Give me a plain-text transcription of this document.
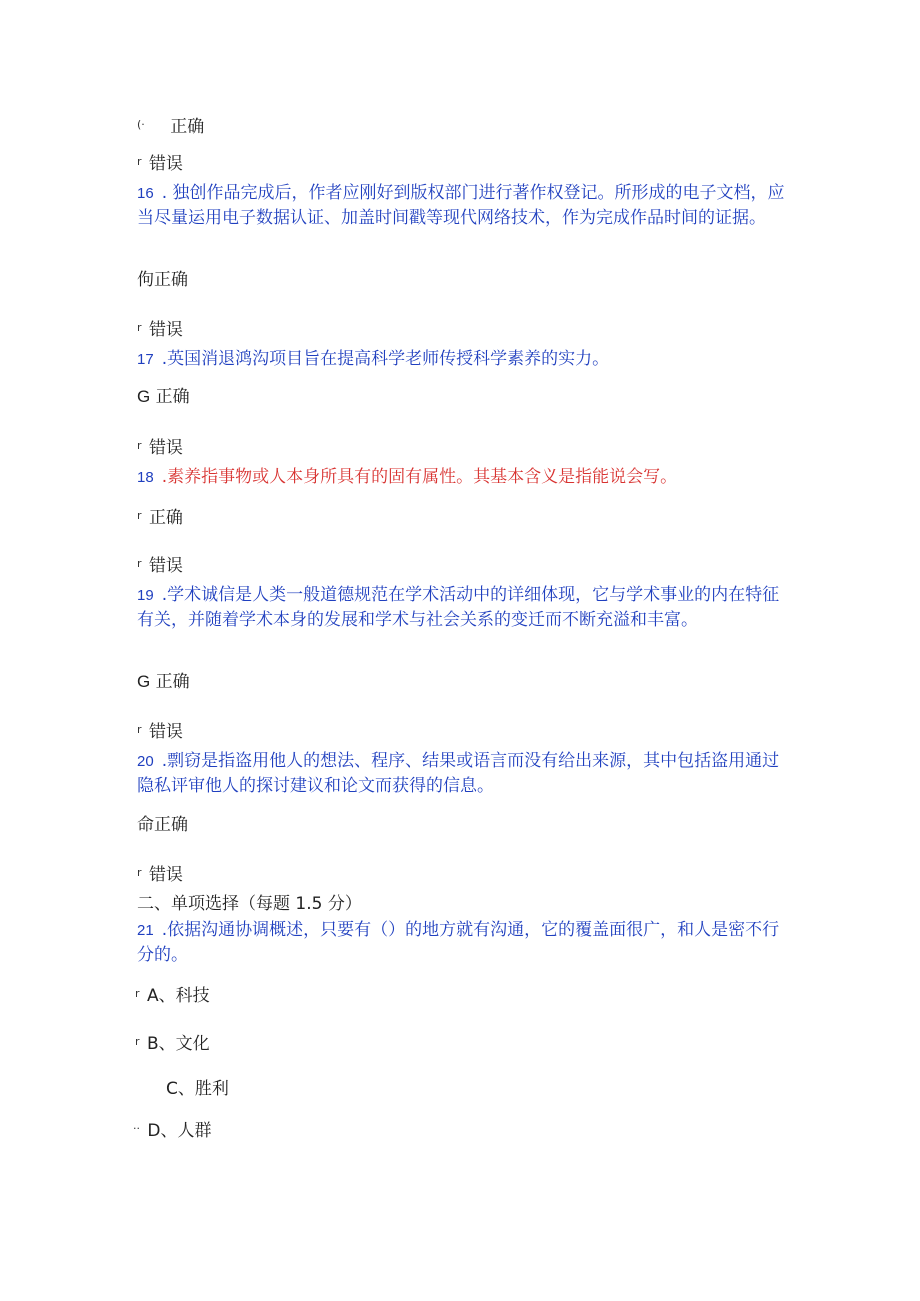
(· 正确
$^r$ 错误
16 . 独创作品完成后，作者应刚好到版权部门进行著作权登记。所形成的电子文档，应当尽量运用电子数据认证、加盖时间戳等现代网络技术，作为完成作品时间的证据。
佝正确
$^r$ 错误
17 .英国消退鸿沟项目旨在提高科学老师传授科学素养的实力。
G 正确
$^r$ 错误
18 .素养指事物或人本身所具有的固有属性。其基本含义是指能说会写。
$^r$ 正确
$^r$ 错误
19 .学术诚信是人类一般道德规范在学术活动中的详细体现，它与学术事业的内在特征有关，并随着学术本身的发展和学术与社会关系的变迁而不断充溢和丰富。
G 正确
$^r$ 错误
20 .剽窃是指盗用他人的想法、程序、结果或语言而没有给出来源，其中包括盗用通过隐私评审他人的探讨建议和论文而获得的信息。
命正确
$^r$ 错误
二、单项选择（每题 1.5 分）
21 .依据沟通协调概述，只要有（）的地方就有沟通，它的覆盖面很广，和人是密不行分的。
$^r$ A、科技
$^r$ B、文化
C、胜利
·· D、人群
